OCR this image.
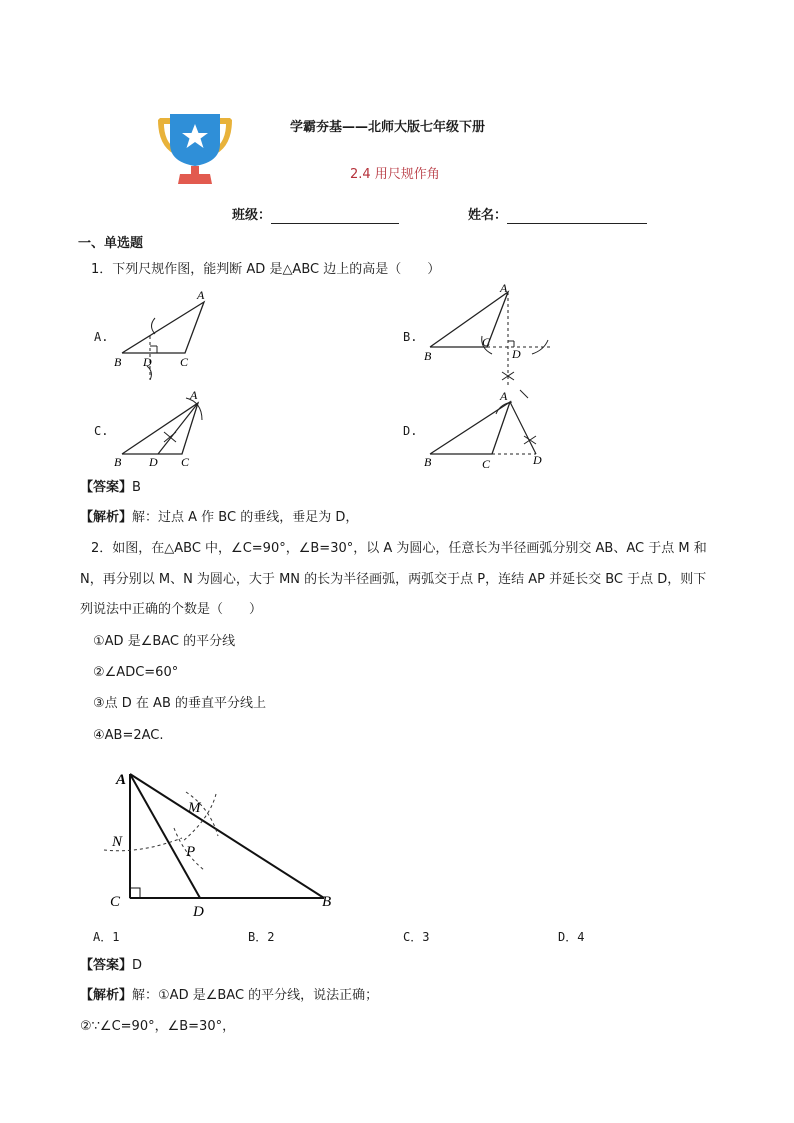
学霸夯基——北师大版七年级下册
2.4 用尺规作角
班级：	姓名：
一、单选题
1．下列尺规作图，能判断 AD 是△ABC 边上的高是（　　）
A.	B.
C.	D.
A
B D C
A
B
C
D
A
B D C
A
B	C	D
【答案】B
【解析】解：过点 A 作 BC 的垂线，垂足为 D，
2．如图，在△ABC 中，∠C=90°，∠B=30°，以 A 为圆心，任意长为半径画弧分别交 AB、AC 于点 M 和
N，再分别以 M、N 为圆心，大于 MN 的长为半径画弧，两弧交于点 P，连结 AP 并延长交 BC 于点 D，则下
列说法中正确的个数是（　　）
①AD 是∠BAC 的平分线
②∠ADC=60°
③点 D 在 AB 的垂直平分线上
④AB=2AC.
A
M
N
P
C
D
B
A．1	B．2	C．3	D．4
【答案】D
【解析】解：①AD 是∠BAC 的平分线，说法正确；
②∵∠C=90°，∠B=30°，
